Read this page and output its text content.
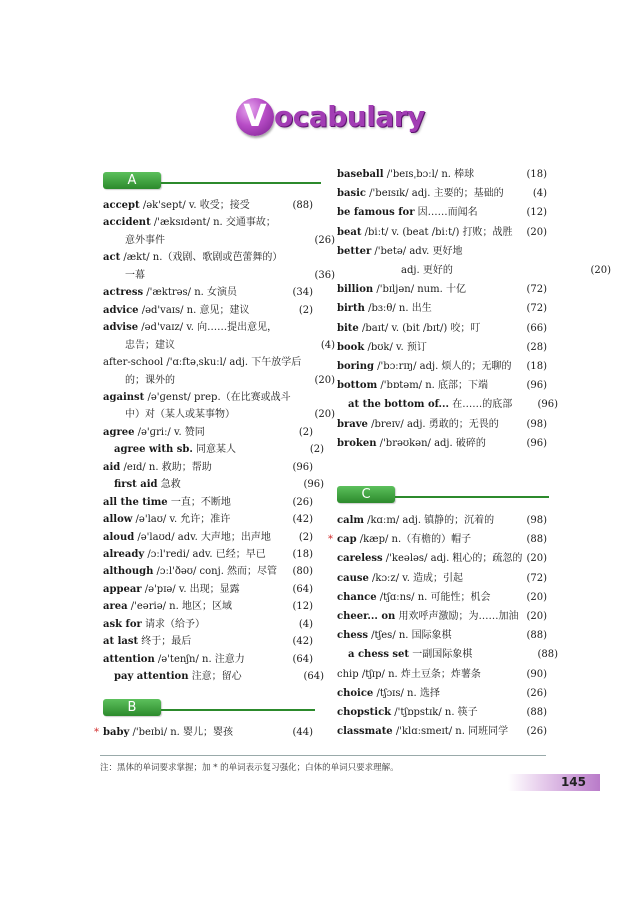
V ocabulary
A
accept /ək'sept/ v. 收受；接受	(88)
accident /'æksɪdənt/ n. 交通事故；
意外事件	(26)
act /ækt/ n.（戏剧、歌剧或芭蕾舞的）
一幕	(36)
actress /'æktrəs/ n. 女演员	(34)
advice /əd'vaɪs/ n. 意见；建议	(2)
advise /əd'vaɪz/ v. 向……提出意见，
忠告；建议	(4)
after-school /'ɑːftəˌskuːl/ adj. 下午放学后
的；课外的	(20)
against /ə'ɡenst/ prep.（在比赛或战斗
中）对（某人或某事物）	(20)
agree /ə'ɡriː/ v. 赞同	(2)
agree with sb. 同意某人	(2)
aid /eɪd/ n. 救助；帮助	(96)
first aid 急救	(96)
all the time 一直；不断地	(26)
allow /ə'laʊ/ v. 允许；准许	(42)
aloud /ə'laʊd/ adv. 大声地；出声地	(2)
already /ɔːl'redi/ adv. 已经；早已	(18)
although /ɔːl'ðəʊ/ conj. 然而；尽管 (80)
appear /ə'pɪə/ v. 出现；显露	(64)
area /'eəriə/ n. 地区；区域	(12)
ask for 请求（给予）	(4)
at last 终于；最后	(42)
attention /ə'tenʃn/ n. 注意力	(64)
pay attention 注意；留心	(64)
B
* baby /'beɪbi/ n. 婴儿；婴孩	(44)
baseball /'beɪsˌbɔːl/ n. 棒球	(18)
basic /'beɪsɪk/ adj. 主要的；基础的	(4)
be famous for 因……而闻名	(12)
beat /biːt/ v. (beat /biːt/) 打败；战胜 (20)
better /'betə/ adv. 更好地
adj. 更好的	(20)
billion /'bɪljən/ num. 十亿	(72)
birth /bɜːθ/ n. 出生	(72)
bite /baɪt/ v. (bit /bɪt/) 咬；叮	(66)
book /bʊk/ v. 预订	(28)
boring /'bɔːrɪŋ/ adj. 烦人的；无聊的 (18)
bottom /'bɒtəm/ n. 底部；下端	(96)
at the bottom of... 在……的底部	(96)
brave /breɪv/ adj. 勇敢的；无畏的	(98)
broken /'brəʊkən/ adj. 破碎的	(96)
C
calm /kɑːm/ adj. 镇静的；沉着的	(98)
* cap /kæp/ n.（有檐的）帽子	(88)
careless /'keələs/ adj. 粗心的；疏忽的 (20)
cause /kɔːz/ v. 造成；引起	(72)
chance /tʃɑːns/ n. 可能性；机会	(20)
cheer... on 用欢呼声激励；为……加油 (20)
chess /tʃes/ n. 国际象棋	(88)
a chess set 一副国际象棋	(88)
chip /tʃɪp/ n. 炸土豆条；炸薯条	(90)
choice /tʃɔɪs/ n. 选择	(26)
chopstick /'tʃɒpstɪk/ n. 筷子	(88)
classmate /'klɑːsmeɪt/ n. 同班同学 (26)
注：黑体的单词要求掌握；加 * 的单词表示复习强化；白体的单词只要求理解。
145
